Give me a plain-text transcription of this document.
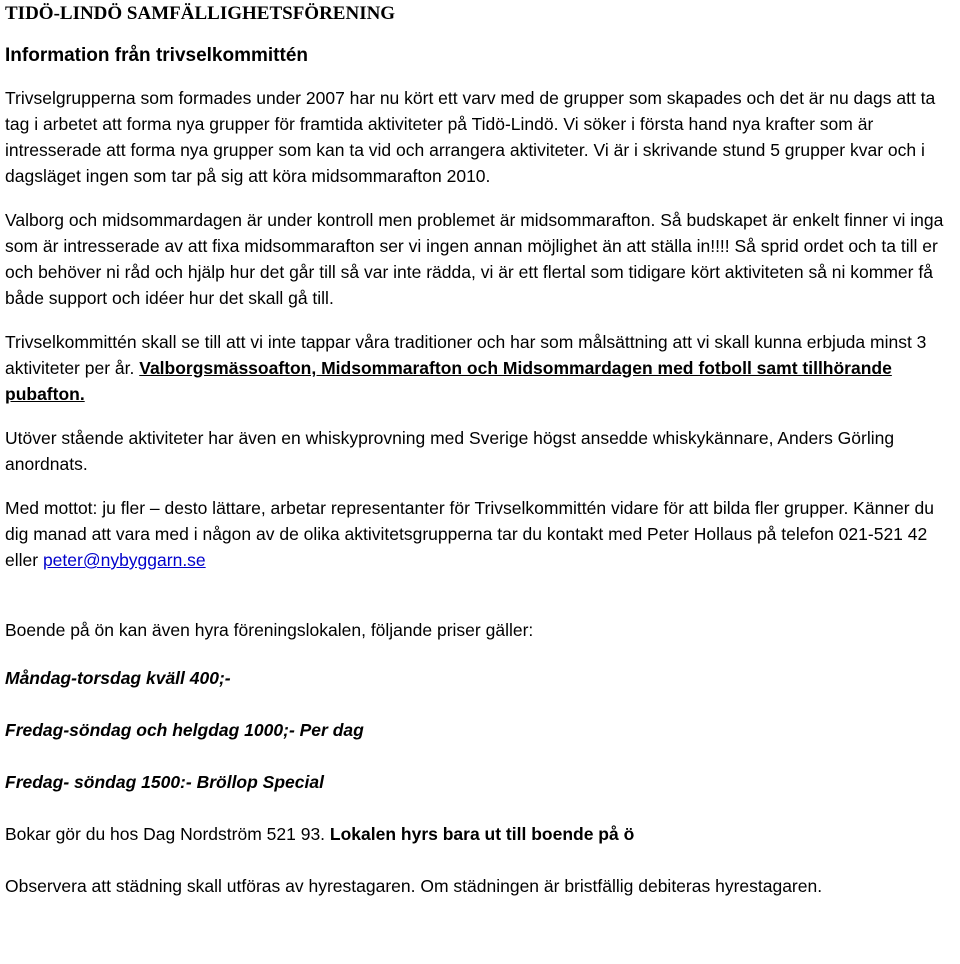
TIDÖ-LINDÖ SAMFÄLLIGHETSFÖRENING
Information från trivselkommittén

Trivselgrupperna som formades under 2007 har nu kört ett varv med de grupper som skapades och det är nu dags att ta tag i arbetet att forma nya grupper för framtida aktiviteter på Tidö-Lindö. Vi söker i första hand nya krafter som är intresserade att forma nya grupper som kan ta vid och arrangera aktiviteter. Vi är i skrivande stund 5 grupper kvar och i dagsläget ingen som tar på sig att köra midsommarafton 2010.

Valborg och midsommardagen är under kontroll men problemet är midsommarafton. Så budskapet är enkelt finner vi inga som är intresserade av att fixa midsommarafton ser vi ingen annan möjlighet än att ställa in!!!! Så sprid ordet och ta till er och behöver ni råd och hjälp hur det går till så var inte rädda, vi är ett flertal som tidigare kört aktiviteten så ni kommer få både support och idéer hur det skall gå till.

Trivselkommittén skall se till att vi inte tappar våra traditioner och har som målsättning att vi skall kunna erbjuda minst 3 aktiviteter per år. Valborgsmässoafton, Midsommarafton och Midsommardagen med fotboll samt tillhörande pubafton.

Utöver stående aktiviteter har även en whiskyprovning med Sverige högst ansedde whiskykännare, Anders Görling anordnats.

Med mottot: ju fler – desto lättare, arbetar representanter för Trivselkommittén vidare för att bilda fler grupper. Känner du dig manad att vara med i någon av de olika aktivitetsgrupperna tar du kontakt med Peter Hollaus på telefon 021-521 42 eller peter@nybyggarn.se

Boende på ön kan även hyra föreningslokalen, följande priser gäller:

Måndag-torsdag kväll 400;-

Fredag-söndag och helgdag 1000;- Per dag

Fredag- söndag 1500:- Bröllop Special

Bokar gör du hos Dag Nordström 521 93. Lokalen hyrs bara ut till boende på ö

Observera att städning skall utföras av hyrestagaren. Om städningen är bristfällig debiteras hyrestagaren.
